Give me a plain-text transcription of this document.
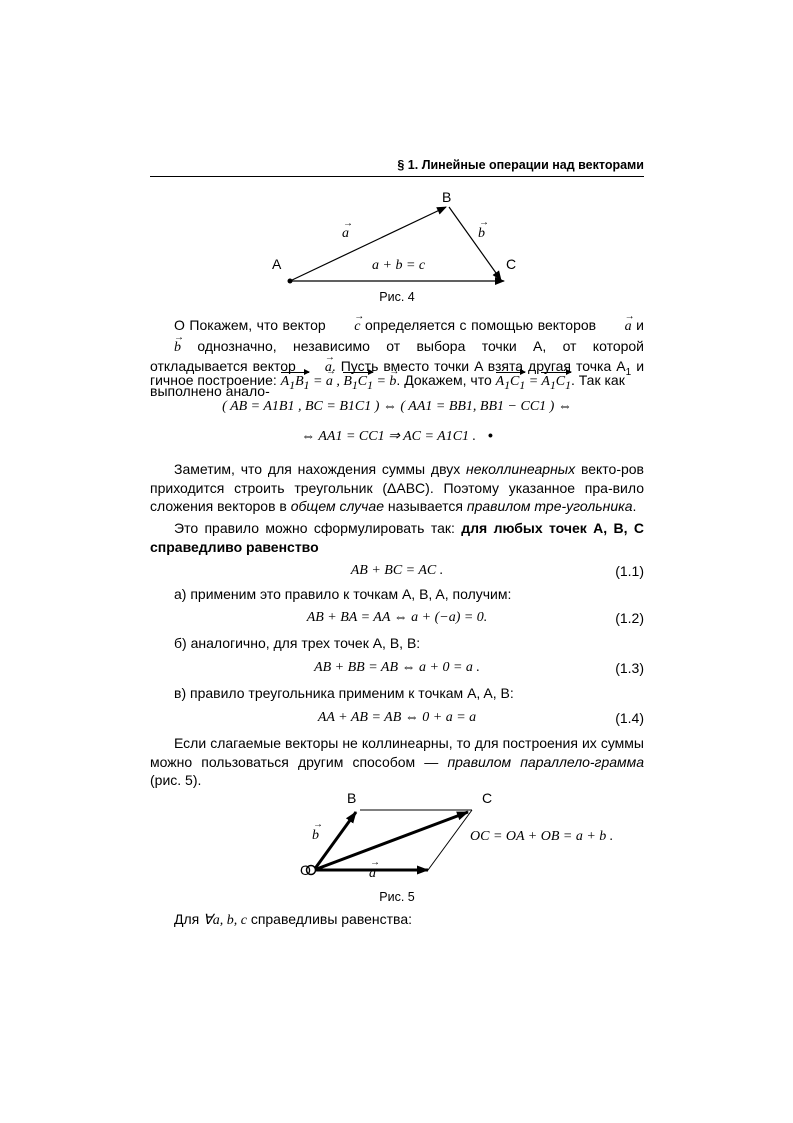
§ 1. Линейные операции над векторами
A
B
C
a
→
b
→
a + b = c
Рис. 4
O Покажем, что вектор → c определяется с помощью векторов → a и → b однозначно, независимо от выбора точки A, от которой откладывается вектор → a. Пусть вместо точки A взята другая точка $A_1$ и выполнено анало-
гичное построение: $A_1B_1$ = → a , $B_1C_1$ = → b. Докажем, что $A_1C_1 = A_1C_1$. Так как
( AB = A1B1 , BC = B1C1 ) ⇔ ( AA1 = BB1, BB1 − CC1 ) ⇔
⇔ AA1 = CC1 ⇒ AC = A1C1 . •
Заметим, что для нахождения суммы двух неколлинеарных векто-ров приходится строить треугольник (ΔABC). Поэтому указанное пра-вило сложения векторов в общем случае называется правилом тре-угольника.
Это правило можно сформулировать так: для любых точек A, B, C справедливо равенство
AB + BC = AC .	(1.1)
а) применим это правило к точкам A, B, A, получим:
AB + BA = AA ⇔ a + (−a) = 0.	(1.2)
б) аналогично, для трех точек A, B, B:
AB + BB = AB ⇔ a + 0 = a .	(1.3)
в) правило треугольника применим к точкам A, A, B:
AA + AB = AB ⇔ 0 + a = a	(1.4)
Если слагаемые векторы не коллинеарны, то для построения их суммы можно пользоваться другим способом — правилом параллело-грамма (рис. 5).
O
B	C
b
→
a
→
OC = OA + OB = a + b .
Рис. 5
Для ∀a, b, c справедливы равенства:
